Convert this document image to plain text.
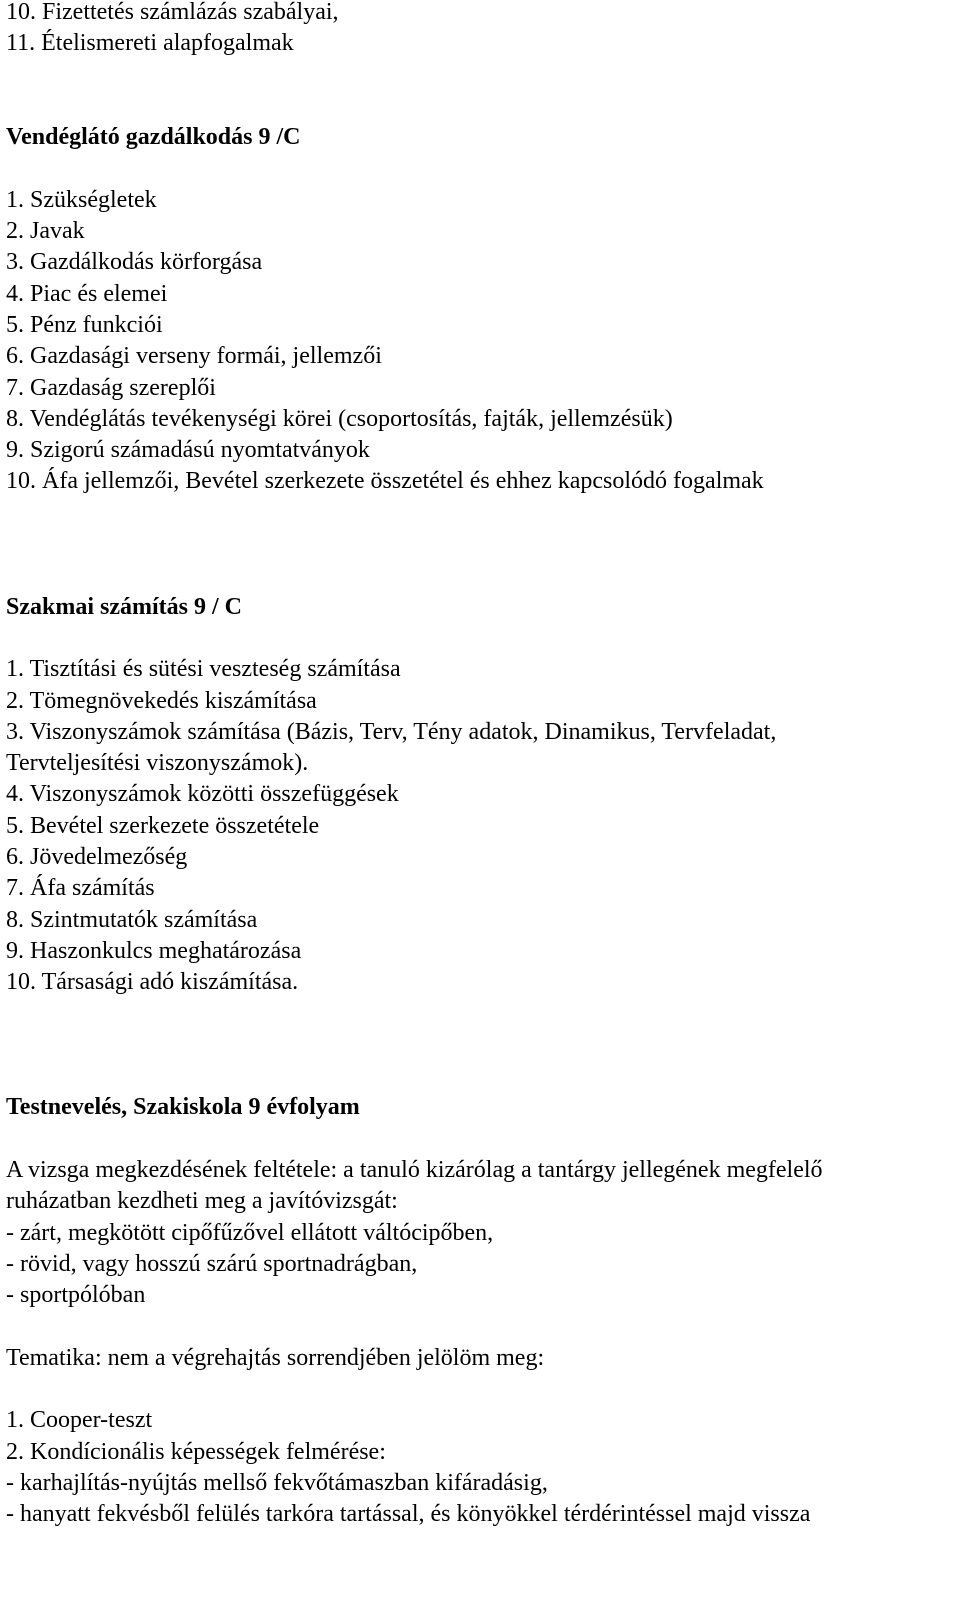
10. Fizettetés számlázás szabályai,
11. Ételismereti alapfogalmak
Vendéglátó gazdálkodás 9 /C
1. Szükségletek
2. Javak
3. Gazdálkodás körforgása
4. Piac és elemei
5. Pénz funkciói
6. Gazdasági verseny formái, jellemzői
7. Gazdaság szereplői
8. Vendéglátás tevékenységi körei (csoportosítás, fajták, jellemzésük)
9. Szigorú számadású nyomtatványok
10. Áfa jellemzői, Bevétel szerkezete összetétel és ehhez kapcsolódó fogalmak
Szakmai számítás 9 / C
1. Tisztítási és sütési veszteség számítása
2. Tömegnövekedés kiszámítása
3. Viszonyszámok számítása (Bázis, Terv, Tény adatok, Dinamikus, Tervfeladat,
Tervteljesítési viszonyszámok).
4. Viszonyszámok közötti összefüggések
5. Bevétel szerkezete összetétele
6. Jövedelmezőség
7. Áfa számítás
8. Szintmutatók számítása
9. Haszonkulcs meghatározása
10. Társasági adó kiszámítása.
Testnevelés, Szakiskola 9 évfolyam
A vizsga megkezdésének feltétele: a tanuló kizárólag a tantárgy jellegének megfelelő
ruházatban kezdheti meg a javítóvizsgát:
- zárt, megkötött cipőfűzővel ellátott váltócipőben,
- rövid, vagy hosszú szárú sportnadrágban,
- sportpólóban
Tematika: nem a végrehajtás sorrendjében jelölöm meg:
1. Cooper-teszt
2. Kondícionális képességek felmérése:
- karhajlítás-nyújtás mellső fekvőtámaszban kifáradásig,
- hanyatt fekvésből felülés tarkóra tartással, és könyökkel térdérintéssel majd vissza
